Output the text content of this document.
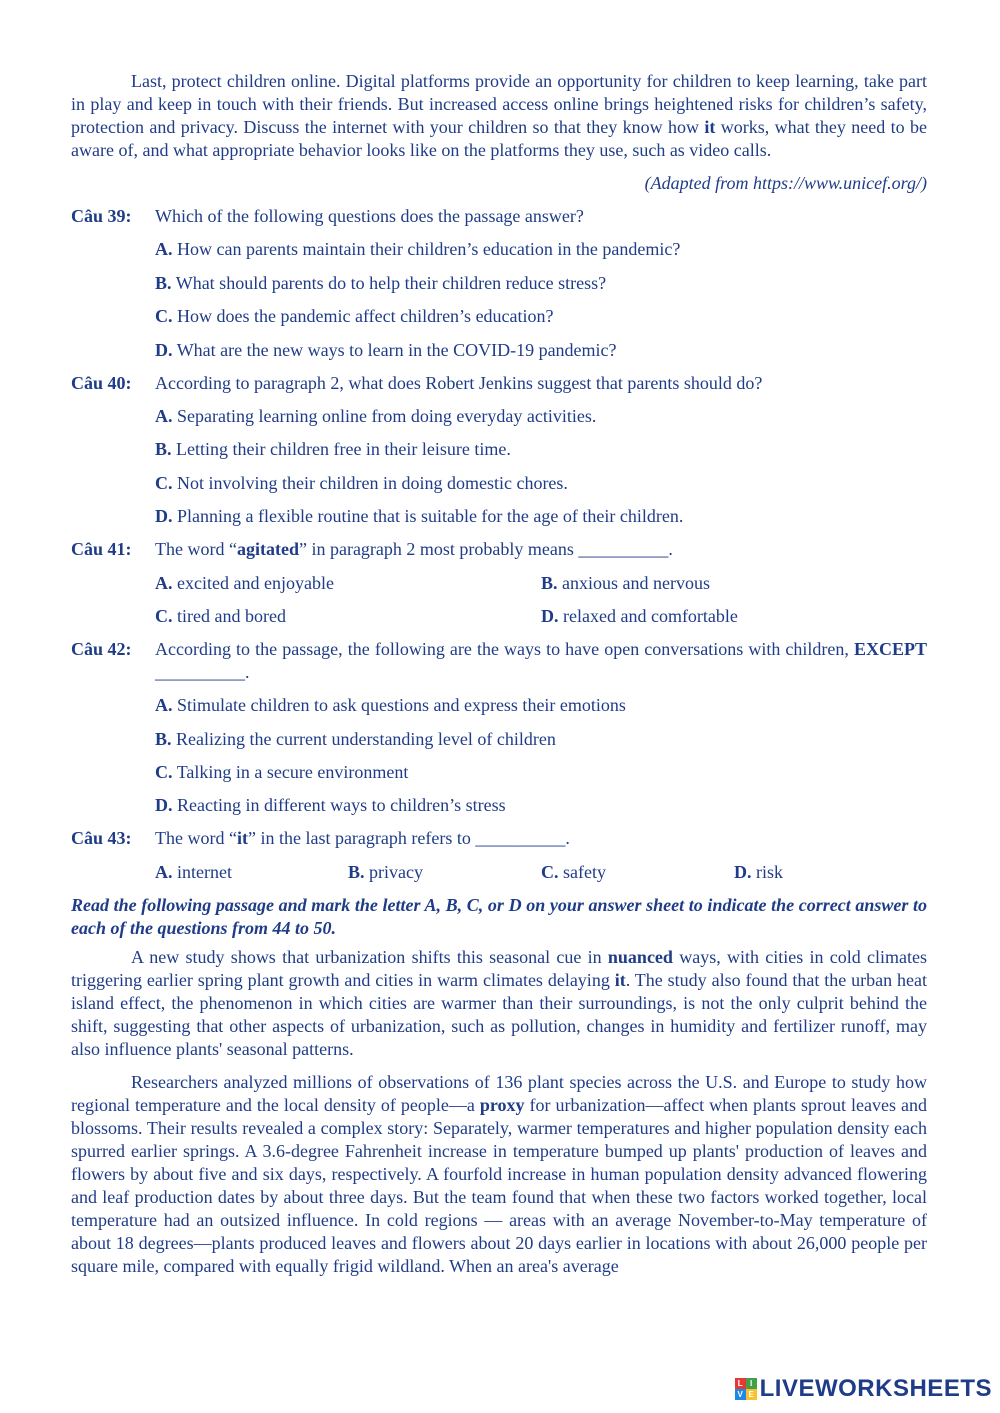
Last, protect children online. Digital platforms provide an opportunity for children to keep learning, take part in play and keep in touch with their friends. But increased access online brings heightened risks for children’s safety, protection and privacy. Discuss the internet with your children so that they know how it works, what they need to be aware of, and what appropriate behavior looks like on the platforms they use, such as video calls.

(Adapted from https://www.unicef.org/)

Câu 39: Which of the following questions does the passage answer?
A. How can parents maintain their children’s education in the pandemic?
B. What should parents do to help their children reduce stress?
C. How does the pandemic affect children’s education?
D. What are the new ways to learn in the COVID-19 pandemic?
Câu 40: According to paragraph 2, what does Robert Jenkins suggest that parents should do?
A. Separating learning online from doing everyday activities.
B. Letting their children free in their leisure time.
C. Not involving their children in doing domestic chores.
D. Planning a flexible routine that is suitable for the age of their children.
Câu 41: The word “agitated” in paragraph 2 most probably means __________.
A. excited and enjoyable	B. anxious and nervous
C. tired and bored	D. relaxed and comfortable
Câu 42: According to the passage, the following are the ways to have open conversations with children, EXCEPT __________.
A. Stimulate children to ask questions and express their emotions
B. Realizing the current understanding level of children
C. Talking in a secure environment
D. Reacting in different ways to children’s stress
Câu 43: The word “it” in the last paragraph refers to __________.
A. internet	B. privacy	C. safety	D. risk
Read the following passage and mark the letter A, B, C, or D on your answer sheet to indicate the correct answer to each of the questions from 44 to 50.

A new study shows that urbanization shifts this seasonal cue in nuanced ways, with cities in cold climates triggering earlier spring plant growth and cities in warm climates delaying it. The study also found that the urban heat island effect, the phenomenon in which cities are warmer than their surroundings, is not the only culprit behind the shift, suggesting that other aspects of urbanization, such as pollution, changes in humidity and fertilizer runoff, may also influence plants' seasonal patterns.

Researchers analyzed millions of observations of 136 plant species across the U.S. and Europe to study how regional temperature and the local density of people—a proxy for urbanization—affect when plants sprout leaves and blossoms. Their results revealed a complex story: Separately, warmer temperatures and higher population density each spurred earlier springs. A 3.6-degree Fahrenheit increase in temperature bumped up plants' production of leaves and flowers by about five and six days, respectively. A fourfold increase in human population density advanced flowering and leaf production dates by about three days. But the team found that when these two factors worked together, local temperature had an outsized influence. In cold regions — areas with an average November-to-May temperature of about 18 degrees—plants produced leaves and flowers about 20 days earlier in locations with about 26,000 people per square mile, compared with equally frigid wildland. When an area's average

L I
V E LIVEWORKSHEETS
